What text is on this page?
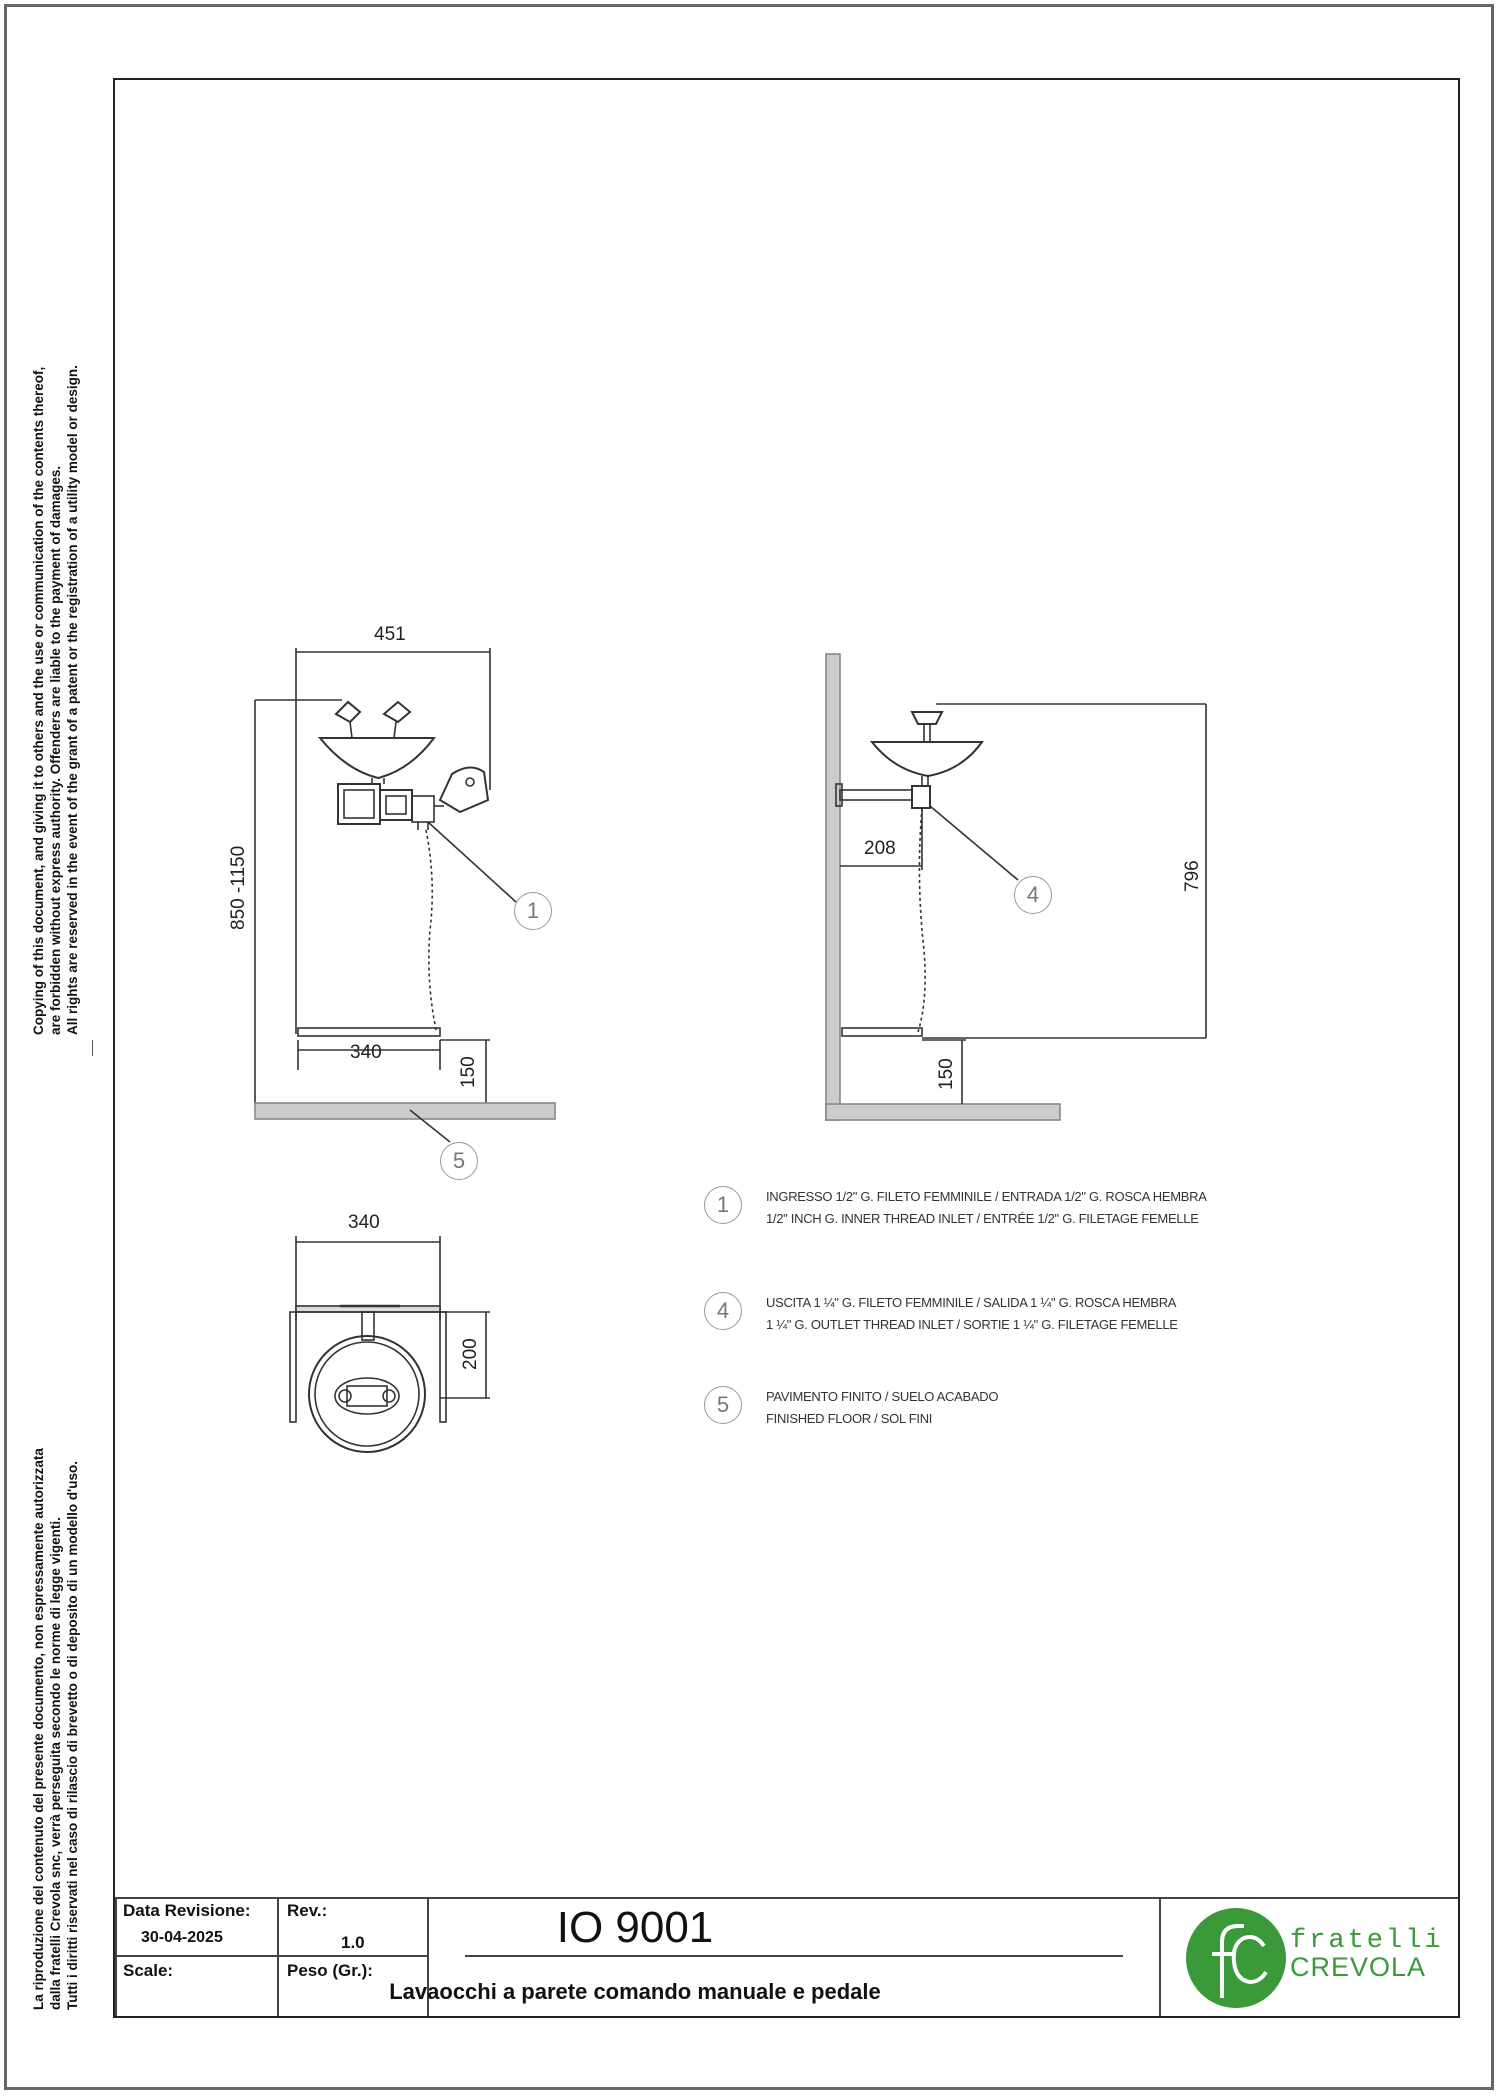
Copying of this document, and giving it to others and the use or communication of the contents thereof, are forbidden without express authority. Offenders are liable to the payment of damages. All rights are reserved in the event of the grant of a patent or the registration of a utility model or design.
La riproduzione del contenuto del presente documento, non espressamente autorizzata dalla fratelli Crevola snc, verrà perseguita secondo le norme di legge vigenti. Tutti i diritti riservati nel caso di rilascio di brevetto o di deposito di un modello d'uso.
451
850 -1150
340
150
208
796
150
340
200
1
4
5
1	INGRESSO 1/2" G. FILETO FEMMINILE / ENTRADA 1/2" G. ROSCA HEMBRA
1/2" INCH G. INNER THREAD INLET / ENTRÉE 1/2" G. FILETAGE FEMELLE
4	USCITA 1 ¼" G. FILETO FEMMINILE / SALIDA 1 ¼" G. ROSCA HEMBRA
1 ¼" G. OUTLET THREAD INLET / SORTIE 1 ¼" G. FILETAGE FEMELLE
5	PAVIMENTO FINITO / SUELO ACABADO
FINISHED FLOOR / SOL FINI
Data Revisione:
30-04-2025
Rev.:
1.0
Scale:	Peso (Gr.):
IO 9001
Lavaocchi a parete comando manuale e pedale
fratelli
CREVOLA
